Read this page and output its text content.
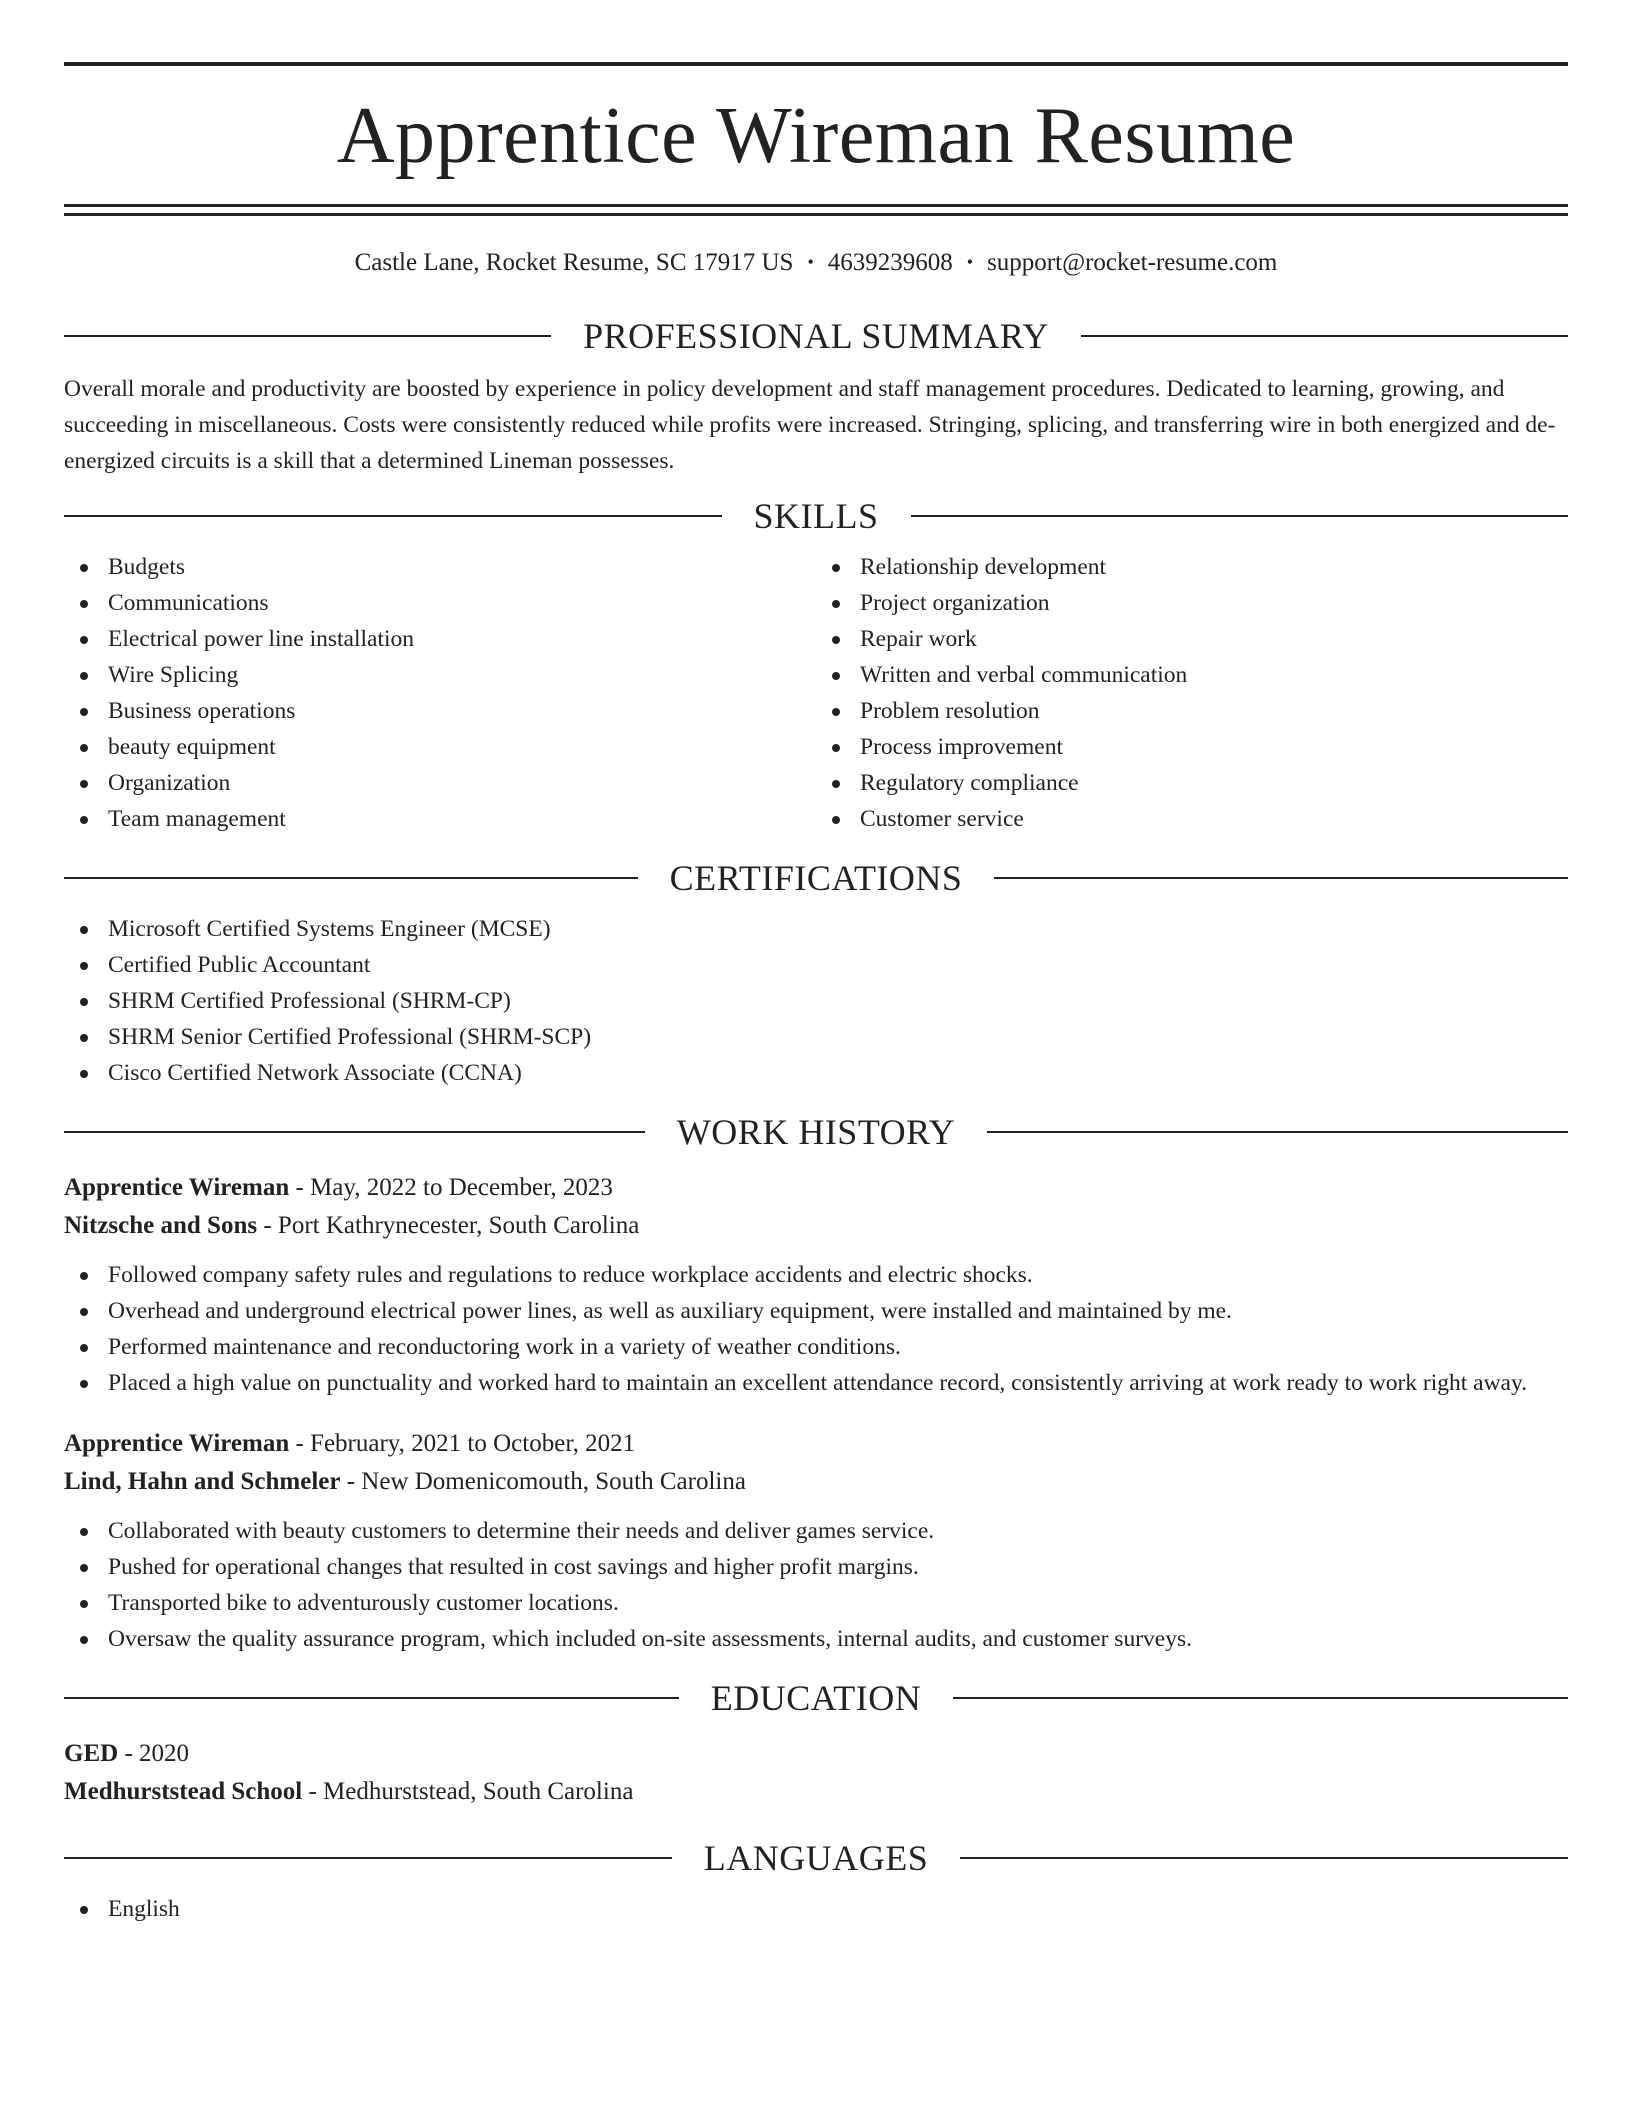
Apprentice Wireman Resume
Castle Lane, Rocket Resume, SC 17917 US • 4639239608 • support@rocket-resume.com
PROFESSIONAL SUMMARY

Overall morale and productivity are boosted by experience in policy development and staff management procedures. Dedicated to learning, growing, and succeeding in miscellaneous. Costs were consistently reduced while profits were increased. Stringing, splicing, and transferring wire in both energized and de-energized circuits is a skill that a determined Lineman possesses.

SKILLS
Budgets
Communications
Electrical power line installation
Wire Splicing
Business operations
beauty equipment
Organization
Team management
Relationship development
Project organization
Repair work
Written and verbal communication
Problem resolution
Process improvement
Regulatory compliance
Customer service
CERTIFICATIONS
Microsoft Certified Systems Engineer (MCSE)
Certified Public Accountant
SHRM Certified Professional (SHRM-CP)
SHRM Senior Certified Professional (SHRM-SCP)
Cisco Certified Network Associate (CCNA)
WORK HISTORY
Apprentice Wireman - May, 2022 to December, 2023
Nitzsche and Sons - Port Kathrynecester, South Carolina
Followed company safety rules and regulations to reduce workplace accidents and electric shocks.
Overhead and underground electrical power lines, as well as auxiliary equipment, were installed and maintained by me.
Performed maintenance and reconductoring work in a variety of weather conditions.
Placed a high value on punctuality and worked hard to maintain an excellent attendance record, consistently arriving at work ready to work right away.
Apprentice Wireman - February, 2021 to October, 2021
Lind, Hahn and Schmeler - New Domenicomouth, South Carolina
Collaborated with beauty customers to determine their needs and deliver games service.
Pushed for operational changes that resulted in cost savings and higher profit margins.
Transported bike to adventurously customer locations.
Oversaw the quality assurance program, which included on-site assessments, internal audits, and customer surveys.
EDUCATION
GED - 2020
Medhurststead School - Medhurststead, South Carolina
LANGUAGES
English
